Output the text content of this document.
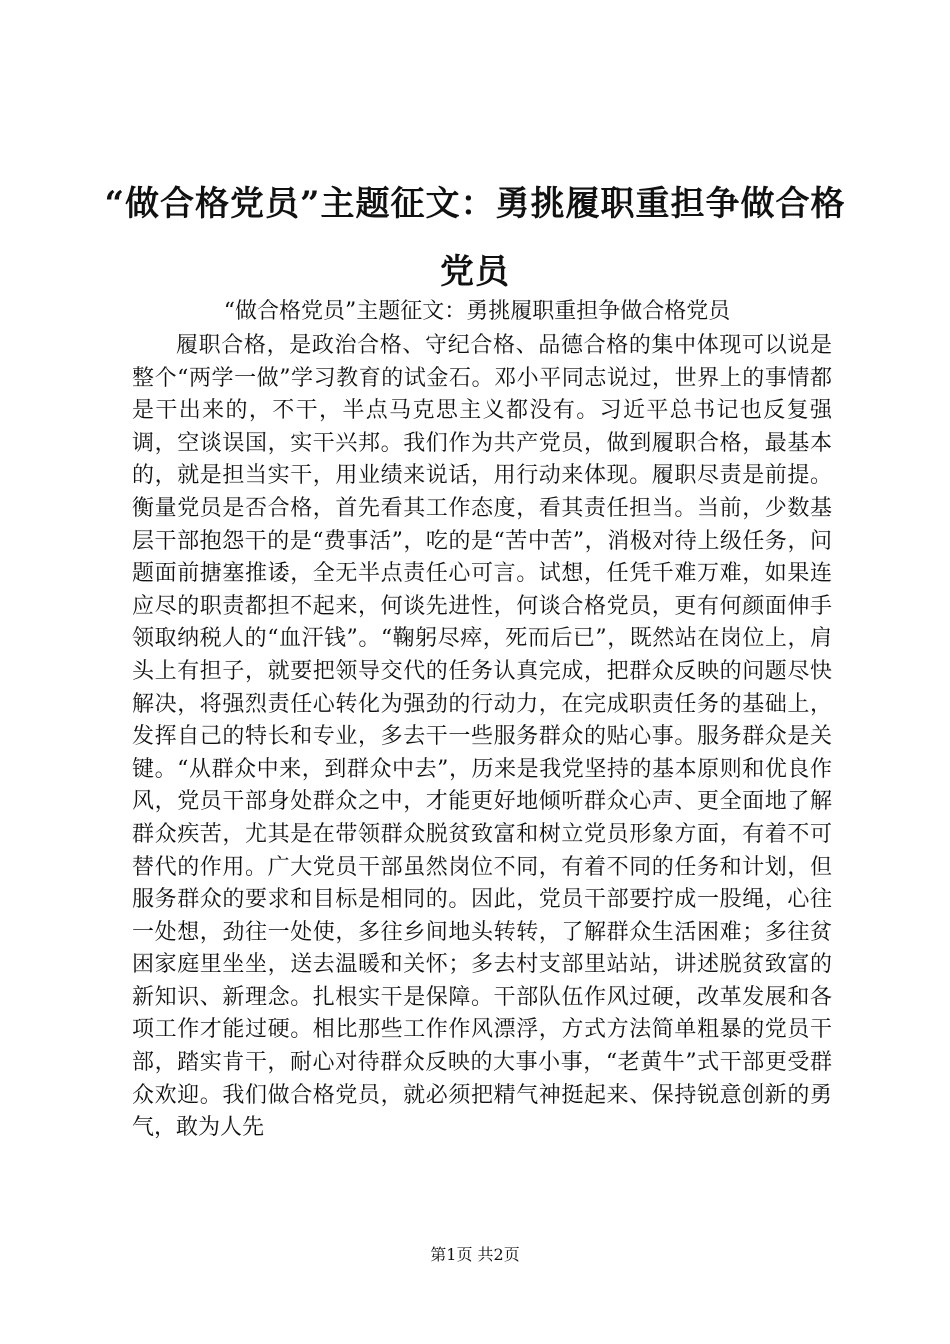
“做合格党员”主题征文：勇挑履职重担争做合格党员

“做合格党员”主题征文：勇挑履职重担争做合格党员

履职合格，是政治合格、守纪合格、品德合格的集中体现可以说是整个“两学一做”学习教育的试金石。邓小平同志说过，世界上的事情都是干出来的，不干，半点马克思主义都没有。习近平总书记也反复强调，空谈误国，实干兴邦。我们作为共产党员，做到履职合格，最基本的，就是担当实干，用业绩来说话，用行动来体现。履职尽责是前提。衡量党员是否合格，首先看其工作态度，看其责任担当。当前，少数基层干部抱怨干的是“费事活”，吃的是“苦中苦”，消极对待上级任务，问题面前搪塞推诿，全无半点责任心可言。试想，任凭千难万难，如果连应尽的职责都担不起来，何谈先进性，何谈合格党员，更有何颜面伸手领取纳税人的“血汗钱”。“鞠躬尽瘁，死而后已”，既然站在岗位上，肩头上有担子，就要把领导交代的任务认真完成，把群众反映的问题尽快解决，将强烈责任心转化为强劲的行动力，在完成职责任务的基础上，发挥自己的特长和专业，多去干一些服务群众的贴心事。服务群众是关键。“从群众中来，到群众中去”，历来是我党坚持的基本原则和优良作风，党员干部身处群众之中，才能更好地倾听群众心声、更全面地了解群众疾苦，尤其是在带领群众脱贫致富和树立党员形象方面，有着不可替代的作用。广大党员干部虽然岗位不同，有着不同的任务和计划，但服务群众的要求和目标是相同的。因此，党员干部要拧成一股绳，心往一处想，劲往一处使，多往乡间地头转转，了解群众生活困难；多往贫困家庭里坐坐，送去温暖和关怀；多去村支部里站站，讲述脱贫致富的新知识、新理念。扎根实干是保障。干部队伍作风过硬，改革发展和各项工作才能过硬。相比那些工作作风漂浮，方式方法简单粗暴的党员干部，踏实肯干，耐心对待群众反映的大事小事，“老黄牛”式干部更受群众欢迎。我们做合格党员，就必须把精气神挺起来、保持锐意创新的勇气，敢为人先

第1页 共2页
